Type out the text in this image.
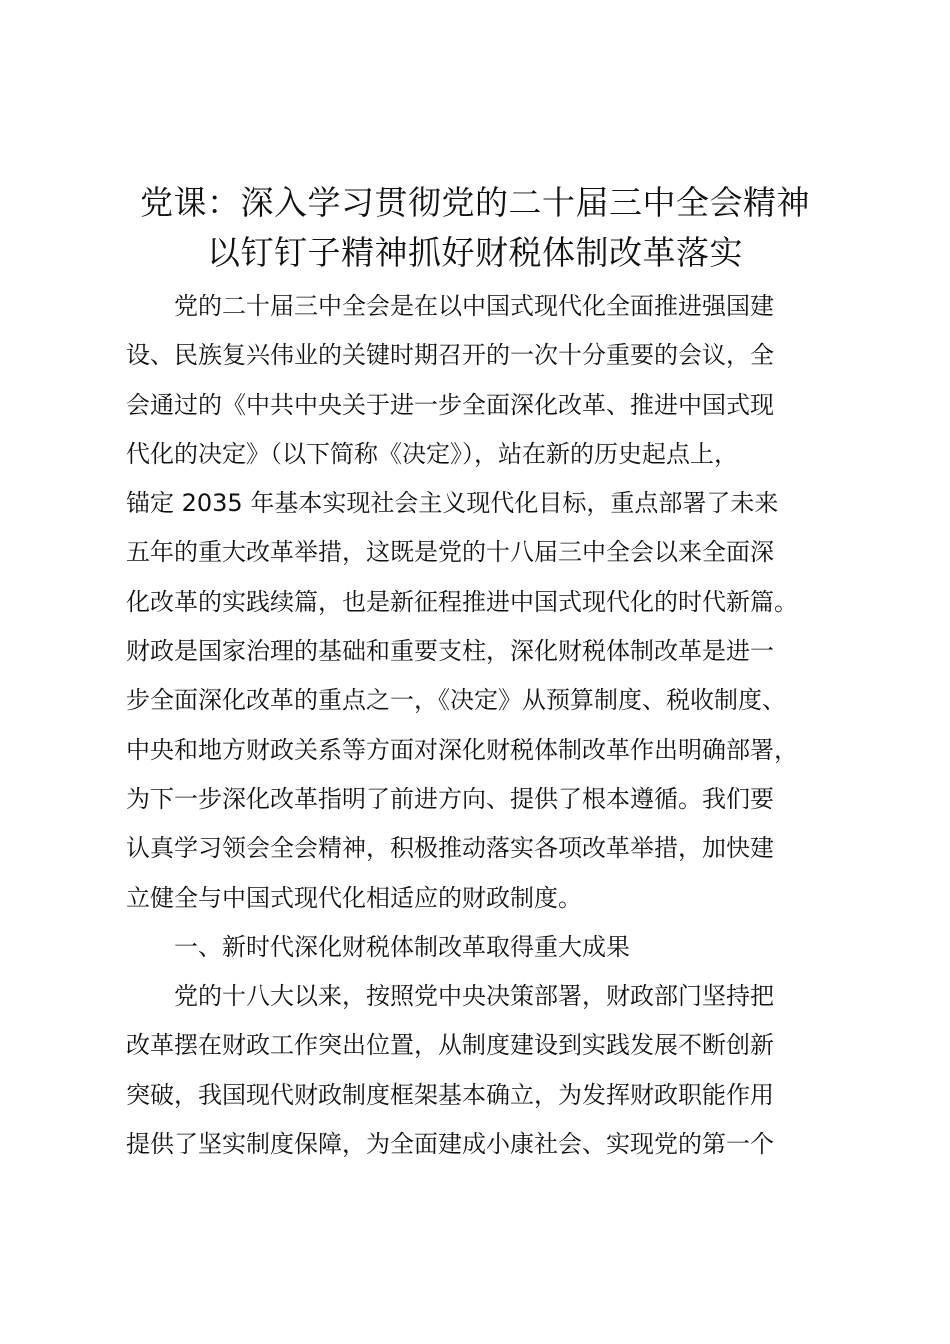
党课：深入学习贯彻党的二十届三中全会精神
以钉钉子精神抓好财税体制改革落实
党的二十届三中全会是在以中国式现代化全面推进强国建
设、民族复兴伟业的关键时期召开的一次十分重要的会议，全
会通过的《中共中央关于进一步全面深化改革、推进中国式现
代化的决定》（以下简称《决定》），站在新的历史起点上，
锚定 2035 年基本实现社会主义现代化目标，重点部署了未来
五年的重大改革举措，这既是党的十八届三中全会以来全面深
化改革的实践续篇，也是新征程推进中国式现代化的时代新篇。
财政是国家治理的基础和重要支柱，深化财税体制改革是进一
步全面深化改革的重点之一，《决定》从预算制度、税收制度、
中央和地方财政关系等方面对深化财税体制改革作出明确部署，
为下一步深化改革指明了前进方向、提供了根本遵循。我们要
认真学习领会全会精神，积极推动落实各项改革举措，加快建
立健全与中国式现代化相适应的财政制度。
一、新时代深化财税体制改革取得重大成果
党的十八大以来，按照党中央决策部署，财政部门坚持把
改革摆在财政工作突出位置，从制度建设到实践发展不断创新
突破，我国现代财政制度框架基本确立，为发挥财政职能作用
提供了坚实制度保障，为全面建成小康社会、实现党的第一个
